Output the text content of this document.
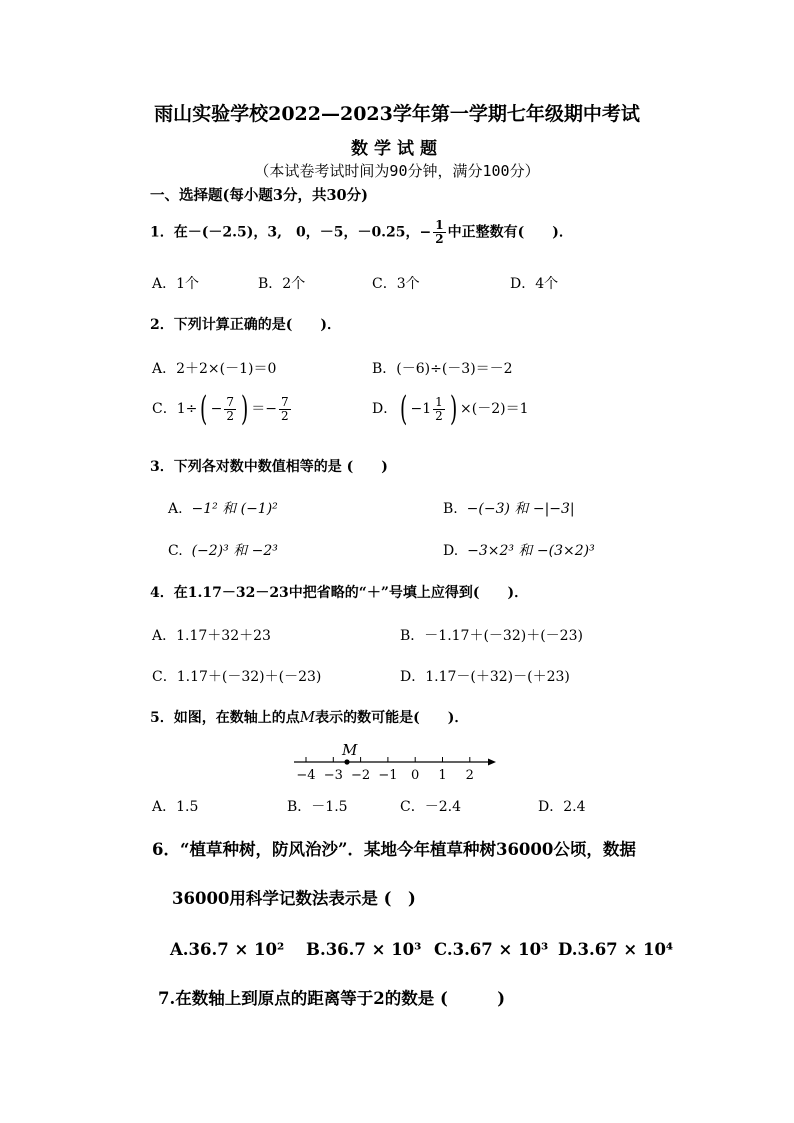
雨山实验学校2022—2023学年第一学期七年级期中考试
数学试题
（本试卷考试时间为90分钟，满分100分）
一、选择题(每小题3分，共30分)
1．在－(－2.5)，3,　0，－5，－0.25，− $\frac{1}{2}$ 中正整数有(　　)．
A．1个	B．2个	C．3个	D．4个
2．下列计算正确的是(　　)．
A．2＋2×(－1)＝0	B．(－6)÷(－3)＝－2
C．$1\div( - \frac{7}{2}$ ) ＝− $\frac{7}{2}$	D．( $-1 \frac{1}{2}$ ) ×(－2)＝1
3．下列各对数中数值相等的是 (　　)
A. −1² 和 (−1)²	B. −(−3) 和 −|−3|
C. (−2)³ 和 −2³	D. −3×2³ 和 −(3×2)³
4．在1.17－32－23中把省略的“＋”号填上应得到(　　)．
A．1.17＋32＋23	B．－1.17＋(－32)＋(－23)
C．1.17＋(－32)＋(－23)	D．1.17－(＋32)－(＋23)
5．如图，在数轴上的点M表示的数可能是(　　)．
−4 −3 −2 −1 0 1 2
M
A．1.5	B．－1.5	C．－2.4	D．2.4
6．“植草种树，防风治沙”．某地今年植草种树36000公顷，数据
36000用科学记数法表示是 (　)
A.36.7 × 10² B.36.7 × 10³ C.3.67 × 10³ D.3.67 × 10⁴
7.在数轴上到原点的距离等于2的数是 (　　　)
